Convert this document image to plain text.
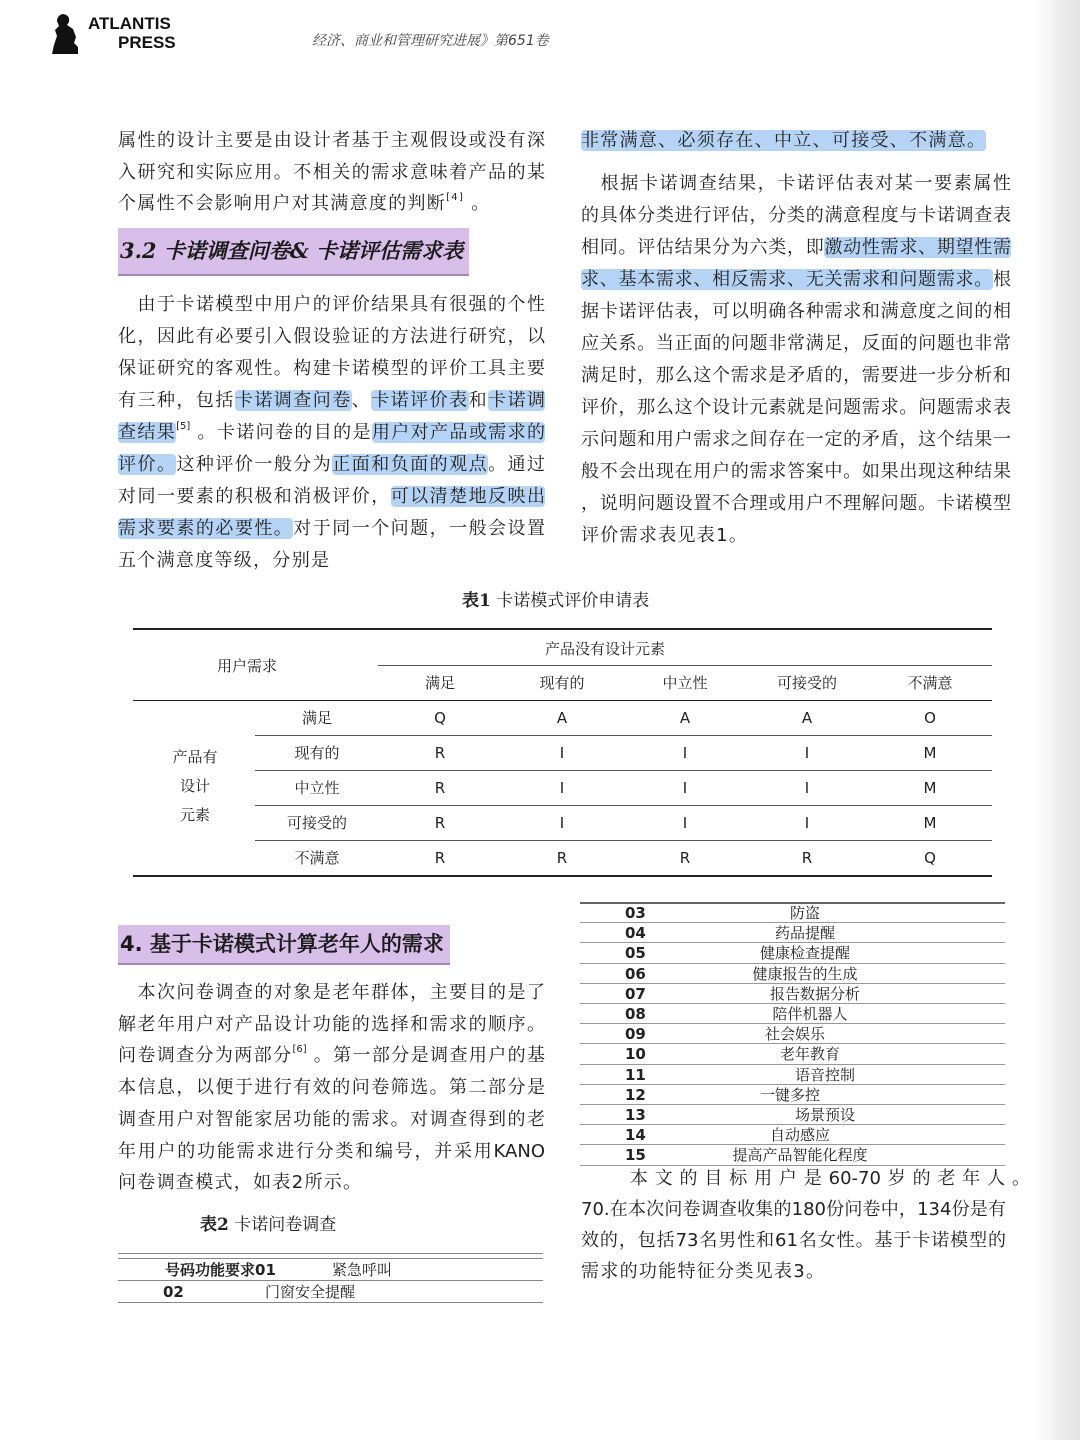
ATLANTIS
PRESS	经济、商业和管理研究进展》第651卷
属性的设计主要是由设计者基于主观假设或没有深
入研究和实际应用。不相关的需求意味着产品的某
个属性不会影响用户对其满意度的判断[4] 。
3.2 卡诺调查问卷& 卡诺评估需求表
　由于卡诺模型中用户的评价结果具有很强的个性
化，因此有必要引入假设验证的方法进行研究，以
保证研究的客观性。构建卡诺模型的评价工具主要
有三种，包括卡诺调查问卷、卡诺评价表和卡诺调
查结果[5] 。卡诺问卷的目的是用户对产品或需求的
评价。这种评价一般分为正面和负面的观点。通过
对同一要素的积极和消极评价，可以清楚地反映出
需求要素的必要性。对于同一个问题，一般会设置
五个满意度等级，分别是
非常满意、必须存在、中立、可接受、不满意。
　根据卡诺调查结果，卡诺评估表对某一要素属性
的具体分类进行评估，分类的满意程度与卡诺调查表
相同。评估结果分为六类，即激动性需求、期望性需
求、基本需求、相反需求、无关需求和问题需求。根
据卡诺评估表，可以明确各种需求和满意度之间的相
应关系。当正面的问题非常满足，反面的问题也非常
满足时，那么这个需求是矛盾的，需要进一步分析和
评价，那么这个设计元素就是问题需求。问题需求表
示问题和用户需求之间存在一定的矛盾，这个结果一
般不会出现在用户的需求答案中。如果出现这种结果
，说明问题设置不合理或用户不理解问题。卡诺模型
评价需求表见表1。
表1 卡诺模式评价申请表
用户需求
产品没有设计元素
满足	现有的	中立性	可接受的	不满意
产品有
设计
元素
满足	Q	A	A	A	O
现有的	R	I	I	I	M
中立性	R	I	I	I	M
可接受的	R	I	I	I	M
不满意	R	R	R	R	Q
4. 基于卡诺模式计算老年人的需求
　本次问卷调查的对象是老年群体，主要目的是了
解老年用户对产品设计功能的选择和需求的顺序。
问卷调查分为两部分[6] 。第一部分是调查用户的基
本信息，以便于进行有效的问卷筛选。第二部分是
调查用户对智能家居功能的需求。对调查得到的老
年用户的功能需求进行分类和编号，并采用KANO
问卷调查模式，如表2所示。
表2 卡诺问卷调查
号码功能要求01	紧急呼叫
02	门窗安全提醒
03	防盗
04	药品提醒
05	健康检查提醒
06	健康报告的生成
07	报告数据分析
08	陪伴机器人
09	社会娱乐
10	老年教育
11	语音控制
12	一键多控
13	场景预设
14	自动感应
15	提高产品智能化程度
　本文的目标用户是60-70岁的老年人。
70.在本次问卷调查收集的180份问卷中，134份是有
效的，包括73名男性和61名女性。基于卡诺模型的
需求的功能特征分类见表3。
